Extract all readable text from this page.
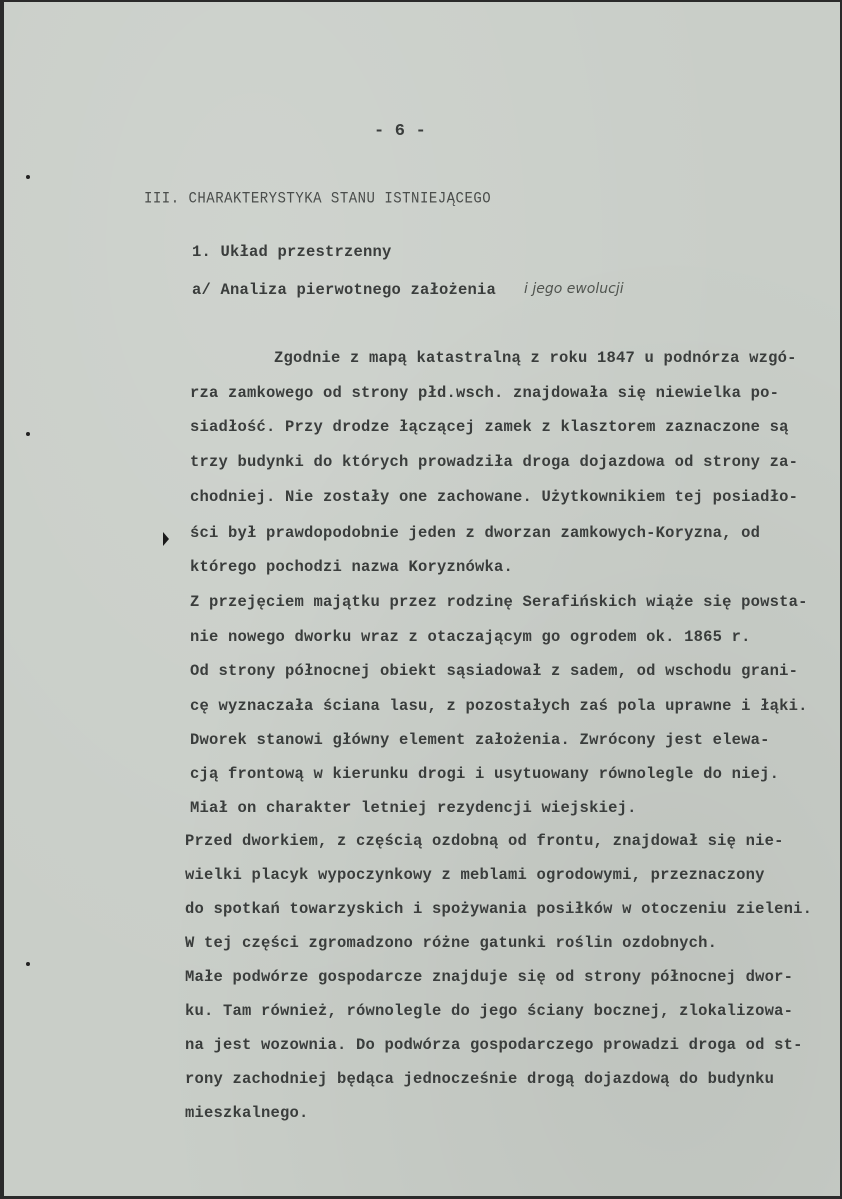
- 6 -
III. CHARAKTERYSTYKA STANU ISTNIEJĄCEGO
1. Układ przestrzenny
a/ Analiza pierwotnego założenia i jego ewolucji
Zgodnie z mapą katastralną z roku 1847 u podnórza wzgó-
rza zamkowego od strony płd.wsch. znajdowała się niewielka po-
siadłość. Przy drodze łączącej zamek z klasztorem zaznaczone są
trzy budynki do których prowadziła droga dojazdowa od strony za-
chodniej. Nie zostały one zachowane. Użytkownikiem tej posiadło-
ści był prawdopodobnie jeden z dworzan zamkowych-Koryzna, od
którego pochodzi nazwa Koryznówka.
Z przejęciem majątku przez rodzinę Serafińskich wiąże się powsta-
nie nowego dworku wraz z otaczającym go ogrodem ok. 1865 r.
Od strony północnej obiekt sąsiadował z sadem, od wschodu grani-
cę wyznaczała ściana lasu, z pozostałych zaś pola uprawne i łąki.
Dworek stanowi główny element założenia. Zwrócony jest elewa-
cją frontową w kierunku drogi i usytuowany równolegle do niej.
Miał on charakter letniej rezydencji wiejskiej.
Przed dworkiem, z częścią ozdobną od frontu, znajdował się nie-
wielki placyk wypoczynkowy z meblami ogrodowymi, przeznaczony
do spotkań towarzyskich i spożywania posiłków w otoczeniu zieleni.
W tej części zgromadzono różne gatunki roślin ozdobnych.
Małe podwórze gospodarcze znajduje się od strony północnej dwor-
ku. Tam również, równolegle do jego ściany bocznej, zlokalizowa-
na jest wozownia. Do podwórza gospodarczego prowadzi droga od st-
rony zachodniej będąca jednocześnie drogą dojazdową do budynku
mieszkalnego.
